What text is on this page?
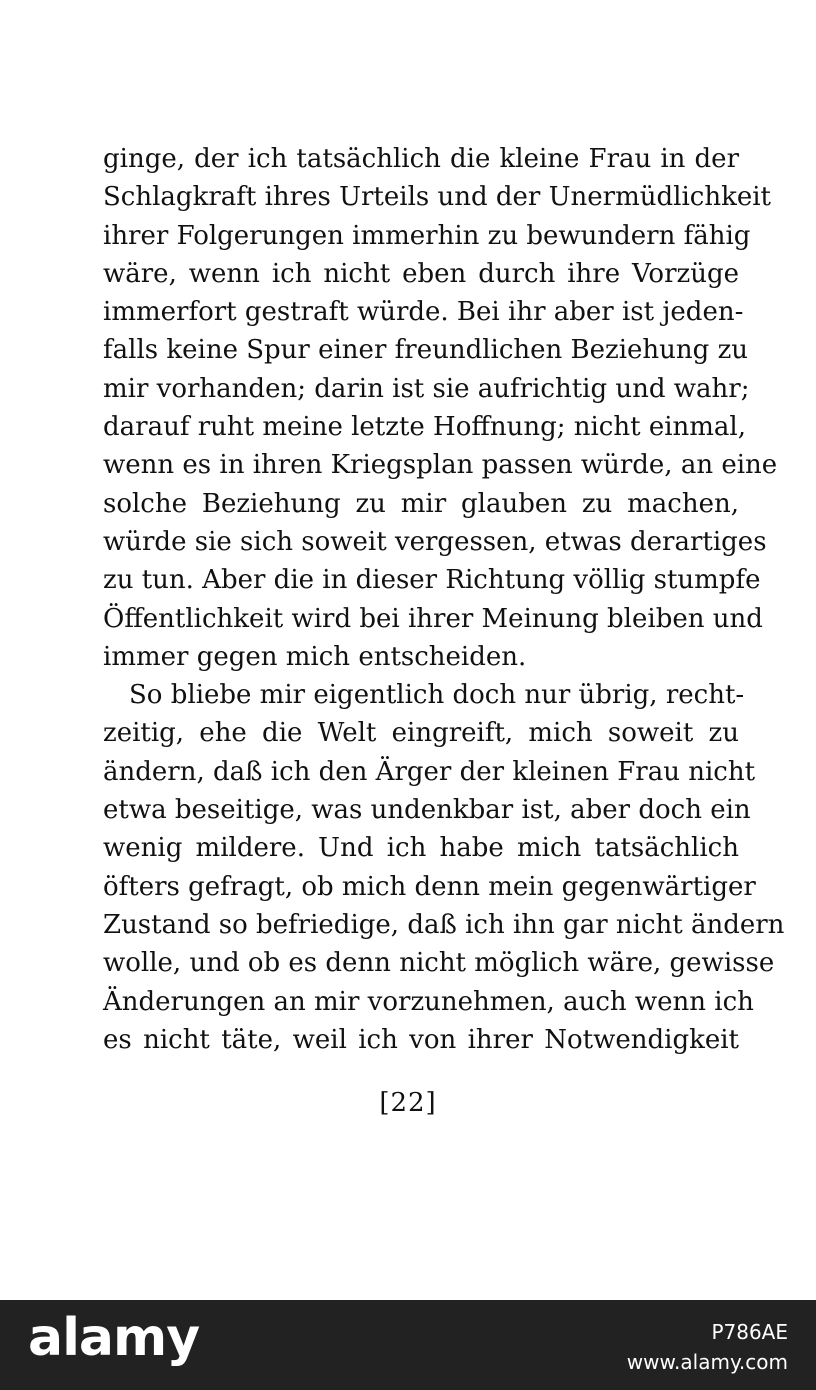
ginge, der ich tatsächlich die kleine Frau in der
Schlagkraft ihres Urteils und der Unermüdlichkeit
ihrer Folgerungen immerhin zu bewundern fähig
wäre, wenn ich nicht eben durch ihre Vorzüge
immerfort gestraft würde. Bei ihr aber ist jeden-
falls keine Spur einer freundlichen Beziehung zu
mir vorhanden; darin ist sie aufrichtig und wahr;
darauf ruht meine letzte Hoffnung; nicht einmal,
wenn es in ihren Kriegsplan passen würde, an eine
solche Beziehung zu mir glauben zu machen,
würde sie sich soweit vergessen, etwas derartiges
zu tun. Aber die in dieser Richtung völlig stumpfe
Öffentlichkeit wird bei ihrer Meinung bleiben und
immer gegen mich entscheiden.
So bliebe mir eigentlich doch nur übrig, recht-
zeitig, ehe die Welt eingreift, mich soweit zu
ändern, daß ich den Ärger der kleinen Frau nicht
etwa beseitige, was undenkbar ist, aber doch ein
wenig mildere. Und ich habe mich tatsächlich
öfters gefragt, ob mich denn mein gegenwärtiger
Zustand so befriedige, daß ich ihn gar nicht ändern
wolle, und ob es denn nicht möglich wäre, gewisse
Änderungen an mir vorzunehmen, auch wenn ich
es nicht täte, weil ich von ihrer Notwendigkeit
[22]
alamy	P786AE
www.alamy.com
